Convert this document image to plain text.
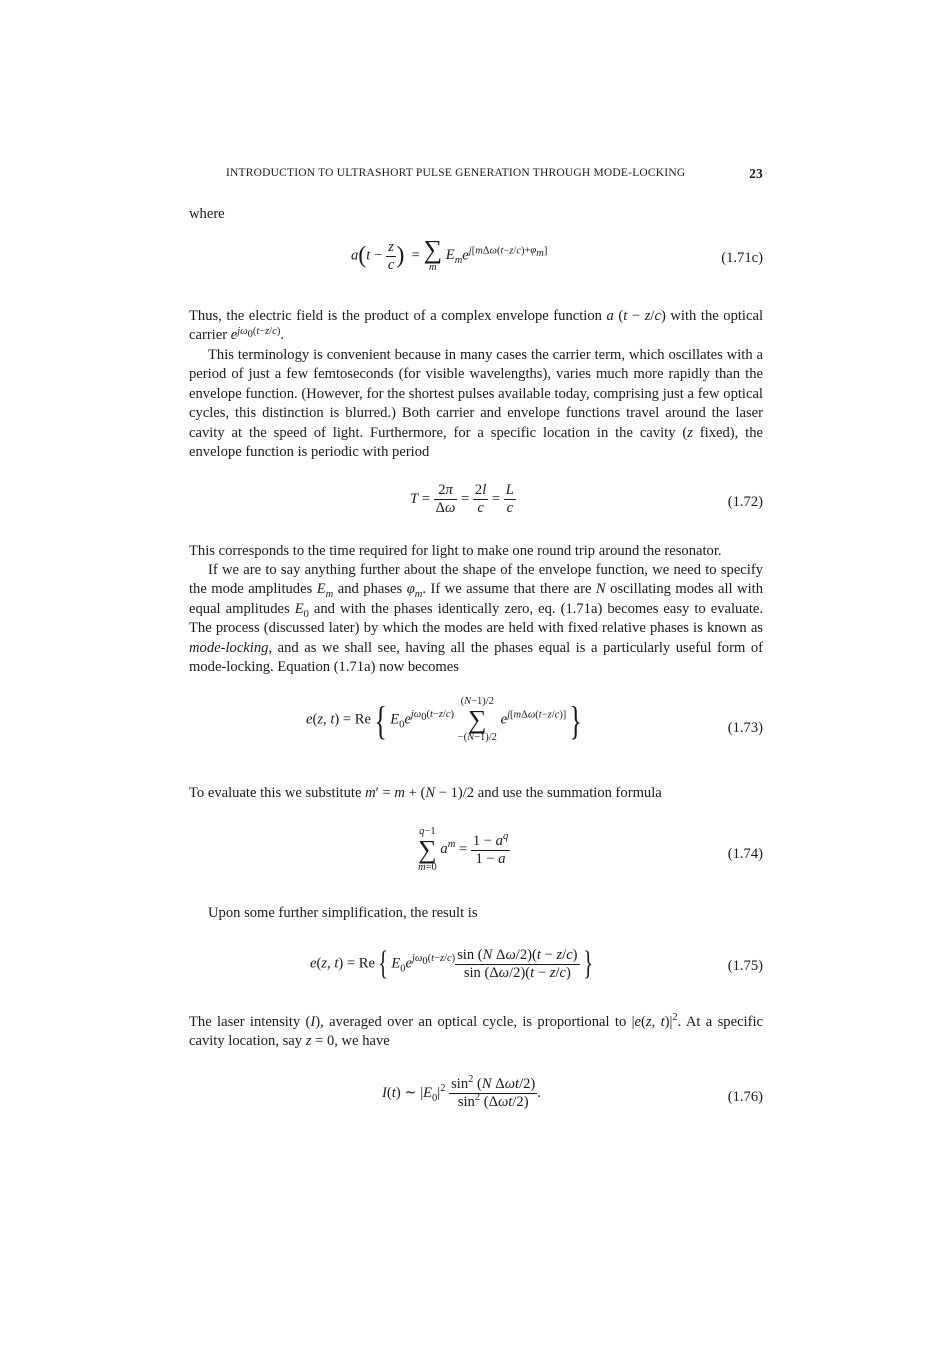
INTRODUCTION TO ULTRASHORT PULSE GENERATION THROUGH MODE-LOCKING	23

where

$a(t - \frac{z}{c}$ )  = ∑
m
$E_me^{j[m\Delta\omega(t-z/c)+\varphi_m]}$	(1.71c)

Thus, the electric field is the product of a complex envelope function a (t − z/c) with the optical carrier $e^{j\omega_0(t-z/c)}$.

This terminology is convenient because in many cases the carrier term, which oscillates with a period of just a few femtoseconds (for visible wavelengths), varies much more rapidly than the envelope function. (However, for the shortest pulses available today, comprising just a few optical cycles, this distinction is blurred.) Both carrier and envelope functions travel around the laser cavity at the speed of light. Furthermore, for a specific location in the cavity (z fixed), the envelope function is periodic with period

$T = \frac{2\pi}{\Delta\omega} = \frac{2l}{c} = \frac{L}{c}$	(1.72)

This corresponds to the time required for light to make one round trip around the resonator.

If we are to say anything further about the shape of the envelope function, we need to specify the mode amplitudes $E_m$ and phases $\varphi_m$. If we assume that there are N oscillating modes all with equal amplitudes $E_0$ and with the phases identically zero, eq. (1.71a) becomes easy to evaluate. The process (discussed later) by which the modes are held with fixed relative phases is known as mode-locking, and as we shall see, having all the phases equal is a particularly useful form of mode-locking. Equation (1.71a) now becomes

e(z, t) = Re{ $E_0e^{j\omega_0(t-z/c)}$
(N−1)/2
∑
−(N−1)/2
$e^{j[m\Delta\omega(t-z/c)]}$}	(1.73)

To evaluate this we substitute m′ = m + (N − 1)/2 and use the summation formula

q−1
∑
m=0
$a^m = \frac{1 - a^q}{1 - a}$	(1.74)

Upon some further simplification, the result is

e(z, t) = Re{ $E_0e^{j\omega_0(t-z/c)} \frac{\text{sin (N Δω/2)(t − z/c)}}{\sin (\Delta\omega/2)(t - z/c)}$ }	(1.75)

The laser intensity (I), averaged over an optical cycle, is proportional to |e(z, $t)|^2$. At a specific cavity location, say z = 0, we have

I(t) ∼ $|E_0|^2 \frac{\sin^2 (N \Delta\omega t/2)}{\sin^2 (\Delta\omega t/2)}$ .	(1.76)
